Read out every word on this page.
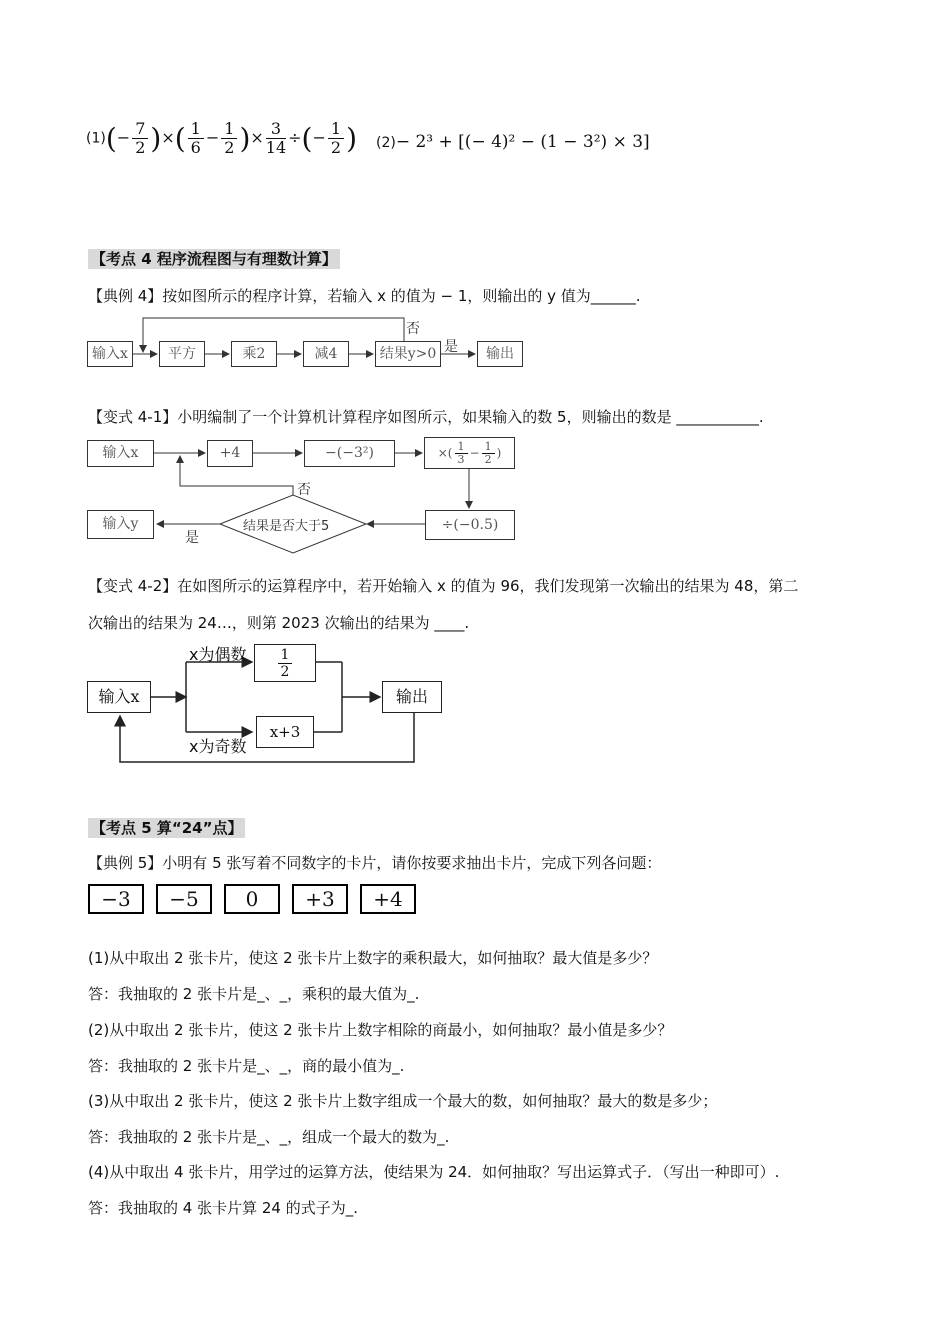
$(1)(- \frac{7}{2}$ )×( $\frac{1}{6} - \frac{1}{2}$ )× $\frac{3}{14}$ ÷(− $\frac{1}{2}$ ) (2)− 2³ + [(− 4)² − (1 − 3²) × 3]
【考点 4 程序流程图与有理数计算】
【典例 4】按如图所示的程序计算，若输入 x 的值为 − 1，则输出的 y 值为______.
输入x	平方	乘2	减4	结果y>0	输出
是
否
【变式 4-1】小明编制了一个计算机计算程序如图所示，如果输入的数 5，则输出的数是 ___________.
输入x	+4	−(−3²)	×( $\frac{1}{3} - \frac{1}{2}$ )
÷(−0.5)
结果是否大于5
输入y
是
否
【变式 4-2】在如图所示的运算程序中，若开始输入 x 的值为 96，我们发现第一次输出的结果为 48，第二
次输出的结果为 24…，则第 2023 次输出的结果为 ____.
输入x
$\frac{1}{2}$
x+3
输出
x为偶数
x为奇数
【考点 5 算“24”点】
【典例 5】小明有 5 张写着不同数字的卡片，请你按要求抽出卡片，完成下列各问题：
−3	−5	0	+3	+4
(1)从中取出 2 张卡片，使这 2 张卡片上数字的乘积最大，如何抽取？最大值是多少？
答：我抽取的 2 张卡片是_、_，乘积的最大值为_.
(2)从中取出 2 张卡片，使这 2 张卡片上数字相除的商最小，如何抽取？最小值是多少？
答：我抽取的 2 张卡片是_、_，商的最小值为_.
(3)从中取出 2 张卡片，使这 2 张卡片上数字组成一个最大的数，如何抽取？最大的数是多少；
答：我抽取的 2 张卡片是_、_，组成一个最大的数为_.
(4)从中取出 4 张卡片，用学过的运算方法，使结果为 24．如何抽取？写出运算式子．（写出一种即可）.
答：我抽取的 4 张卡片算 24 的式子为_.
